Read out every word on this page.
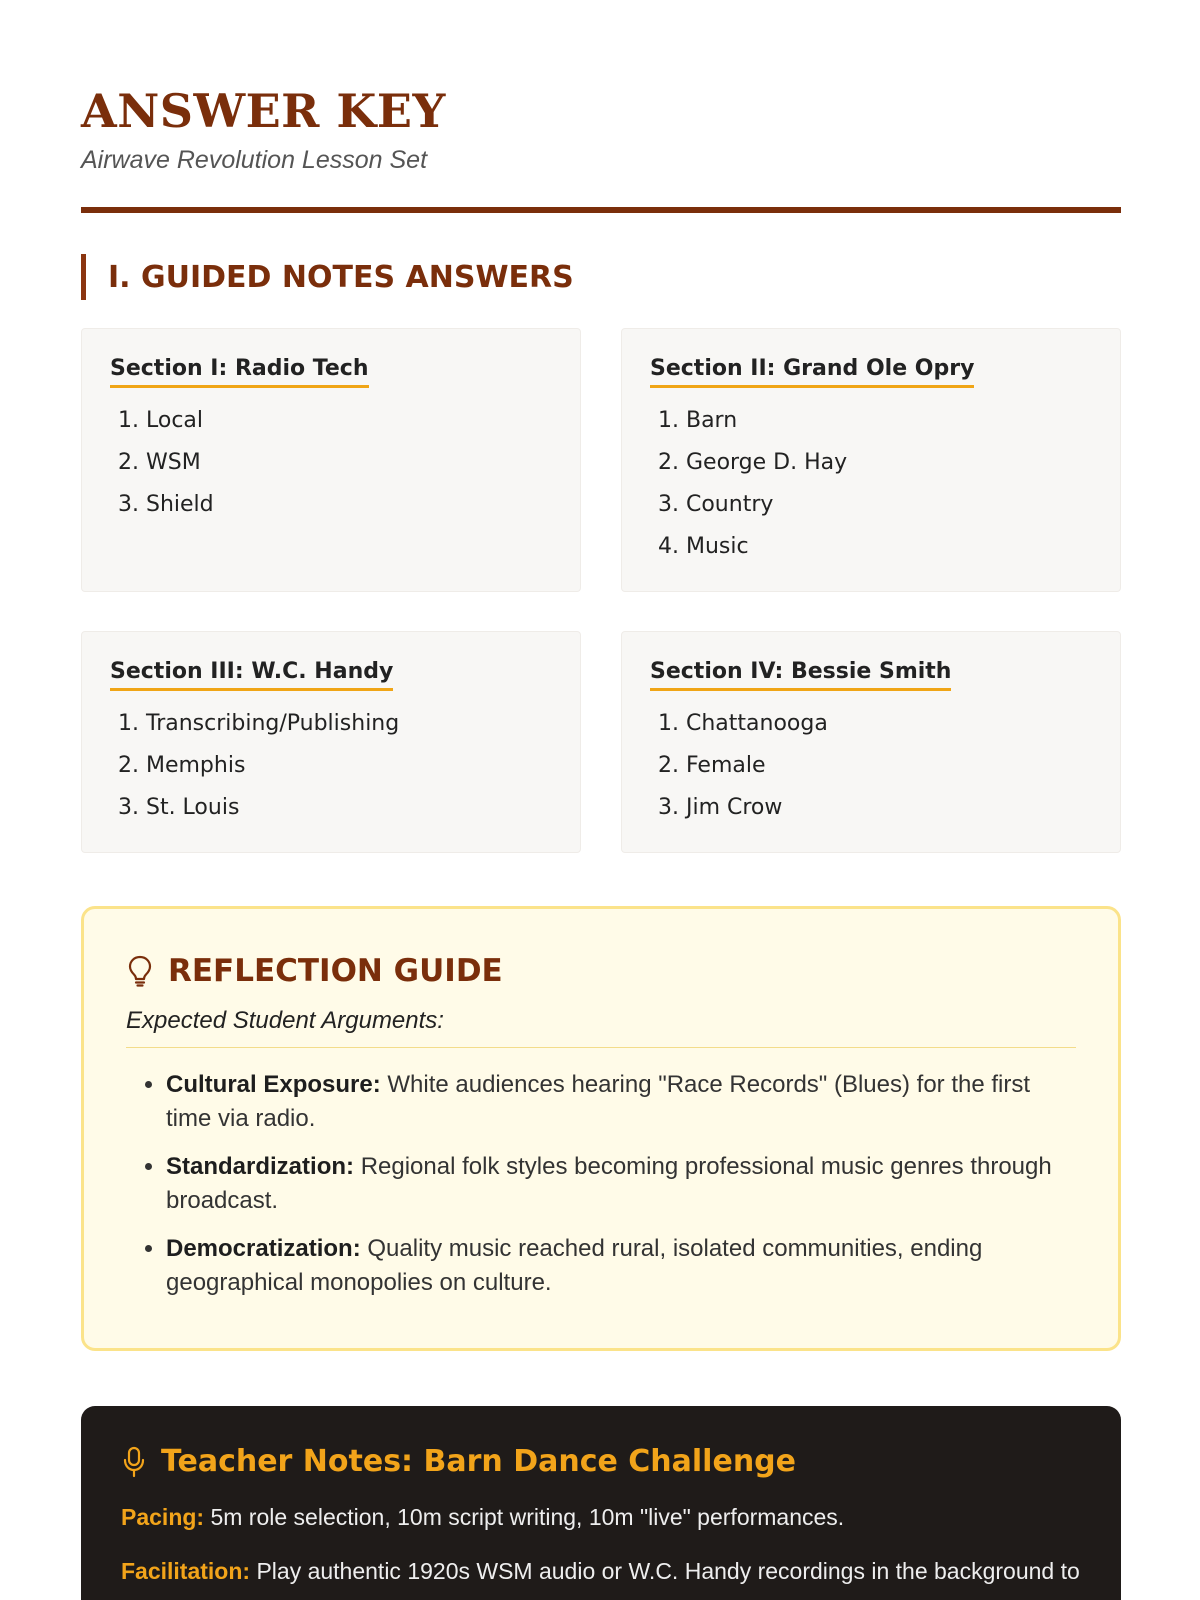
ANSWER KEY
Airwave Revolution Lesson Set
I. GUIDED NOTES ANSWERS
Section I: Radio Tech
1. Local
2. WSM
3. Shield
Section II: Grand Ole Opry
1. Barn
2. George D. Hay
3. Country
4. Music
Section III: W.C. Handy
1. Transcribing/Publishing
2. Memphis
3. St. Louis
Section IV: Bessie Smith
1. Chattanooga
2. Female
3. Jim Crow
REFLECTION GUIDE
Expected Student Arguments:
• Cultural Exposure: White audiences hearing "Race Records" (Blues) for the first time via radio.
• Standardization: Regional folk styles becoming professional music genres through broadcast.
• Democratization: Quality music reached rural, isolated communities, ending geographical monopolies on culture.
Teacher Notes: Barn Dance Challenge

Pacing: 5m role selection, 10m script writing, 10m "live" performances.

Facilitation: Play authentic 1920s WSM audio or W.C. Handy recordings in the background to
